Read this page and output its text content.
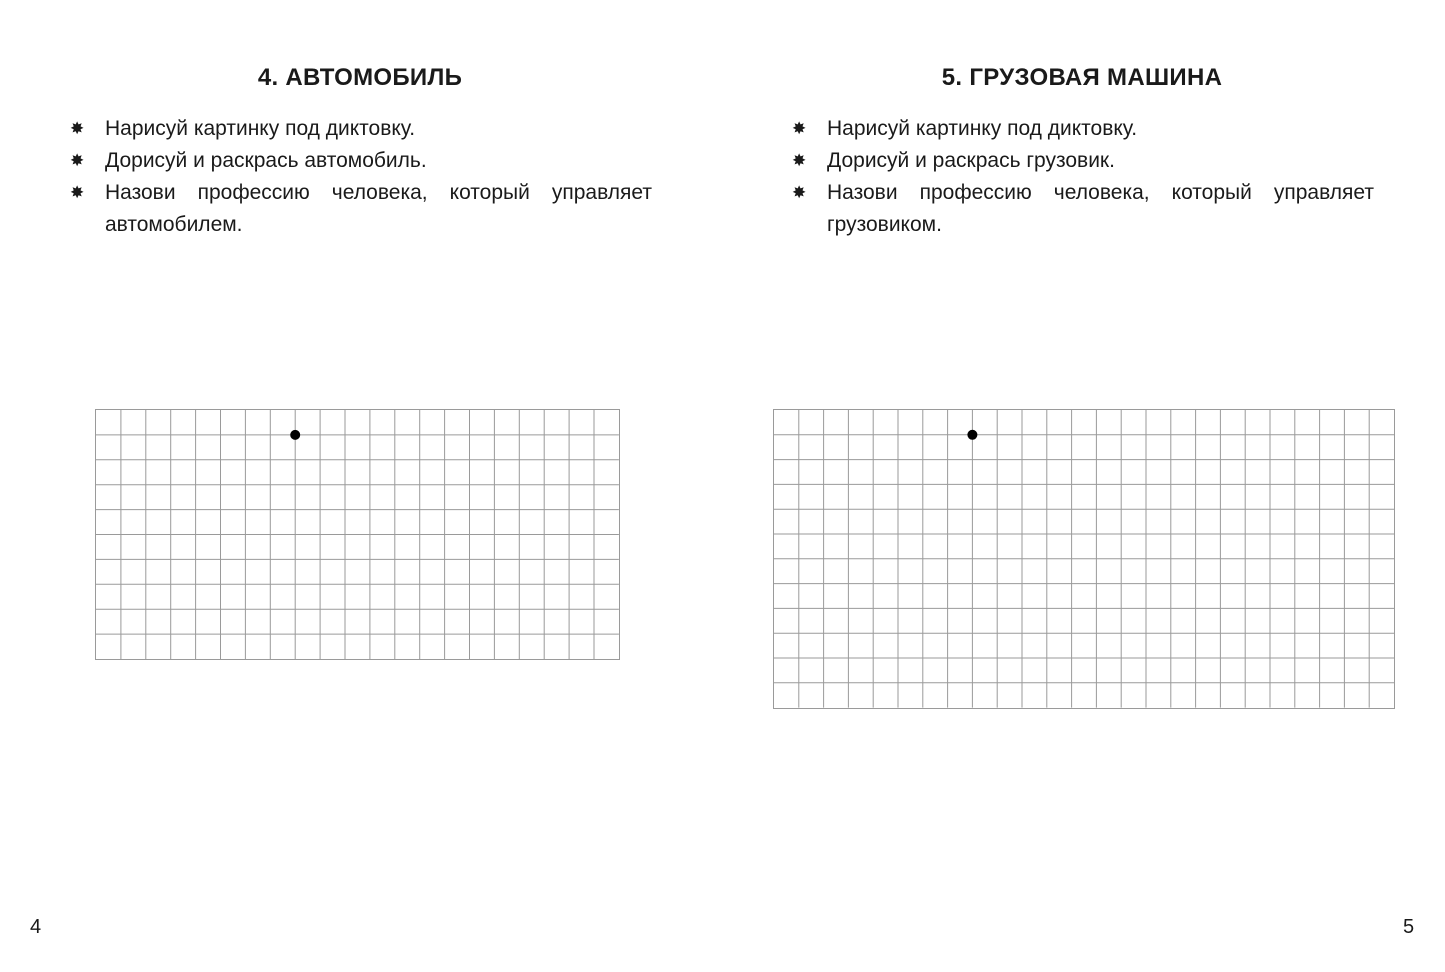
4. АВТОМОБИЛЬ
✸ Нарисуй картинку под диктовку.
✸ Дорисуй и раскрась автомобиль.
✸ Назови профессию человека, который управляет автомобилем.
4
5. ГРУЗОВАЯ МАШИНА
✸ Нарисуй картинку под диктовку.
✸ Дорисуй и раскрась грузовик.
✸ Назови профессию человека, который управляет грузовиком.
5
